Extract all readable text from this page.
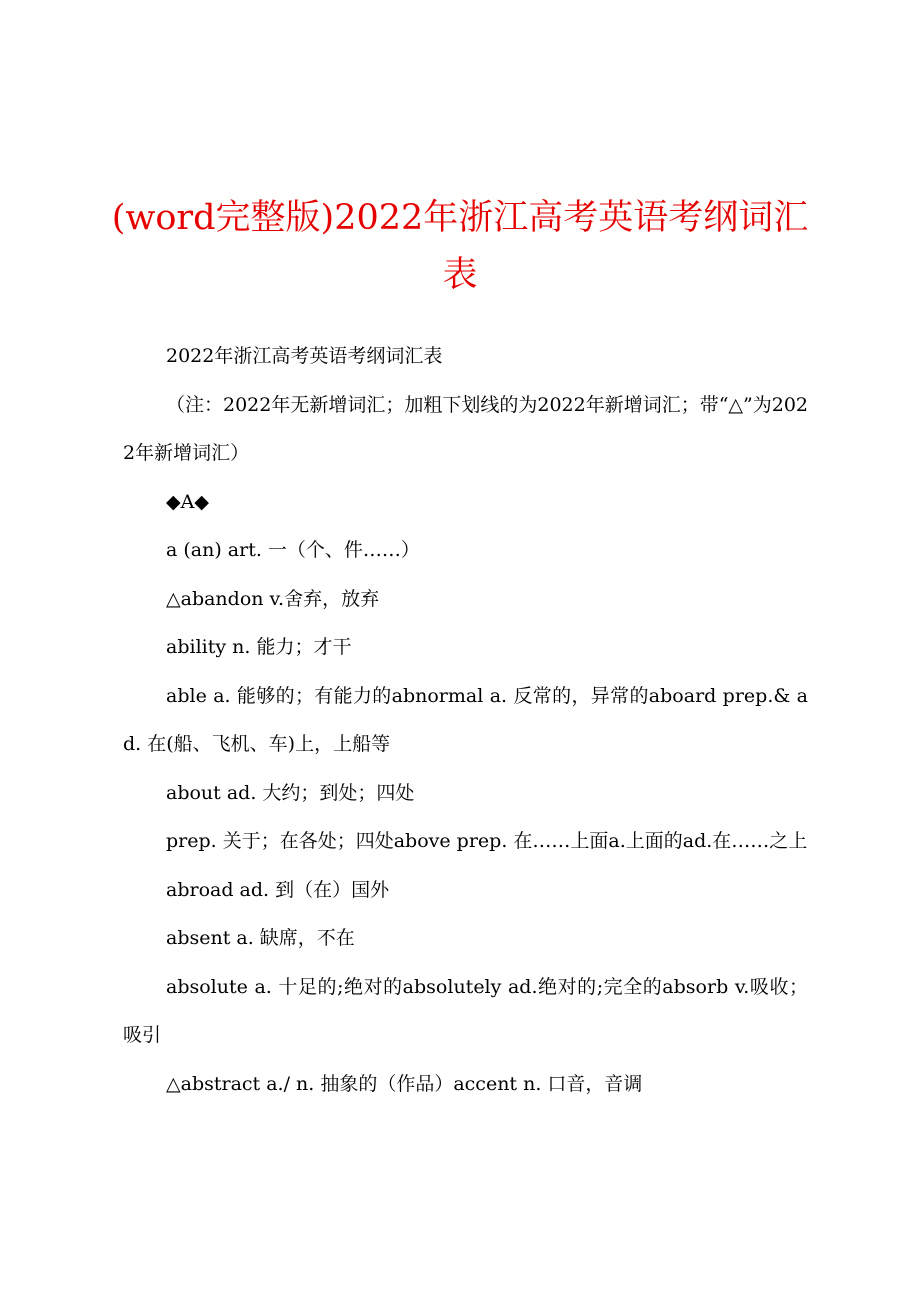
(word完整版)2022年浙江高考英语考纲词汇表

2022年浙江高考英语考纲词汇表

（注：2022年无新增词汇；加粗下划线的为2022年新增词汇；带“△”为2022年新增词汇）

◆A◆

a (an) art. 一（个、件……）

△abandon v.舍弃，放弃

ability n. 能力；才干

able a. 能够的；有能力的abnormal a. 反常的，异常的aboard prep.& ad. 在(船、飞机、车)上，上船等

about ad. 大约；到处；四处

prep. 关于；在各处；四处above prep. 在……上面a.上面的ad.在……之上

abroad ad. 到（在）国外

absent a. 缺席，不在

absolute a. 十足的;绝对的absolutely ad.绝对的;完全的absorb v.吸收；吸引

△abstract a./ n. 抽象的（作品）accent n. 口音，音调
